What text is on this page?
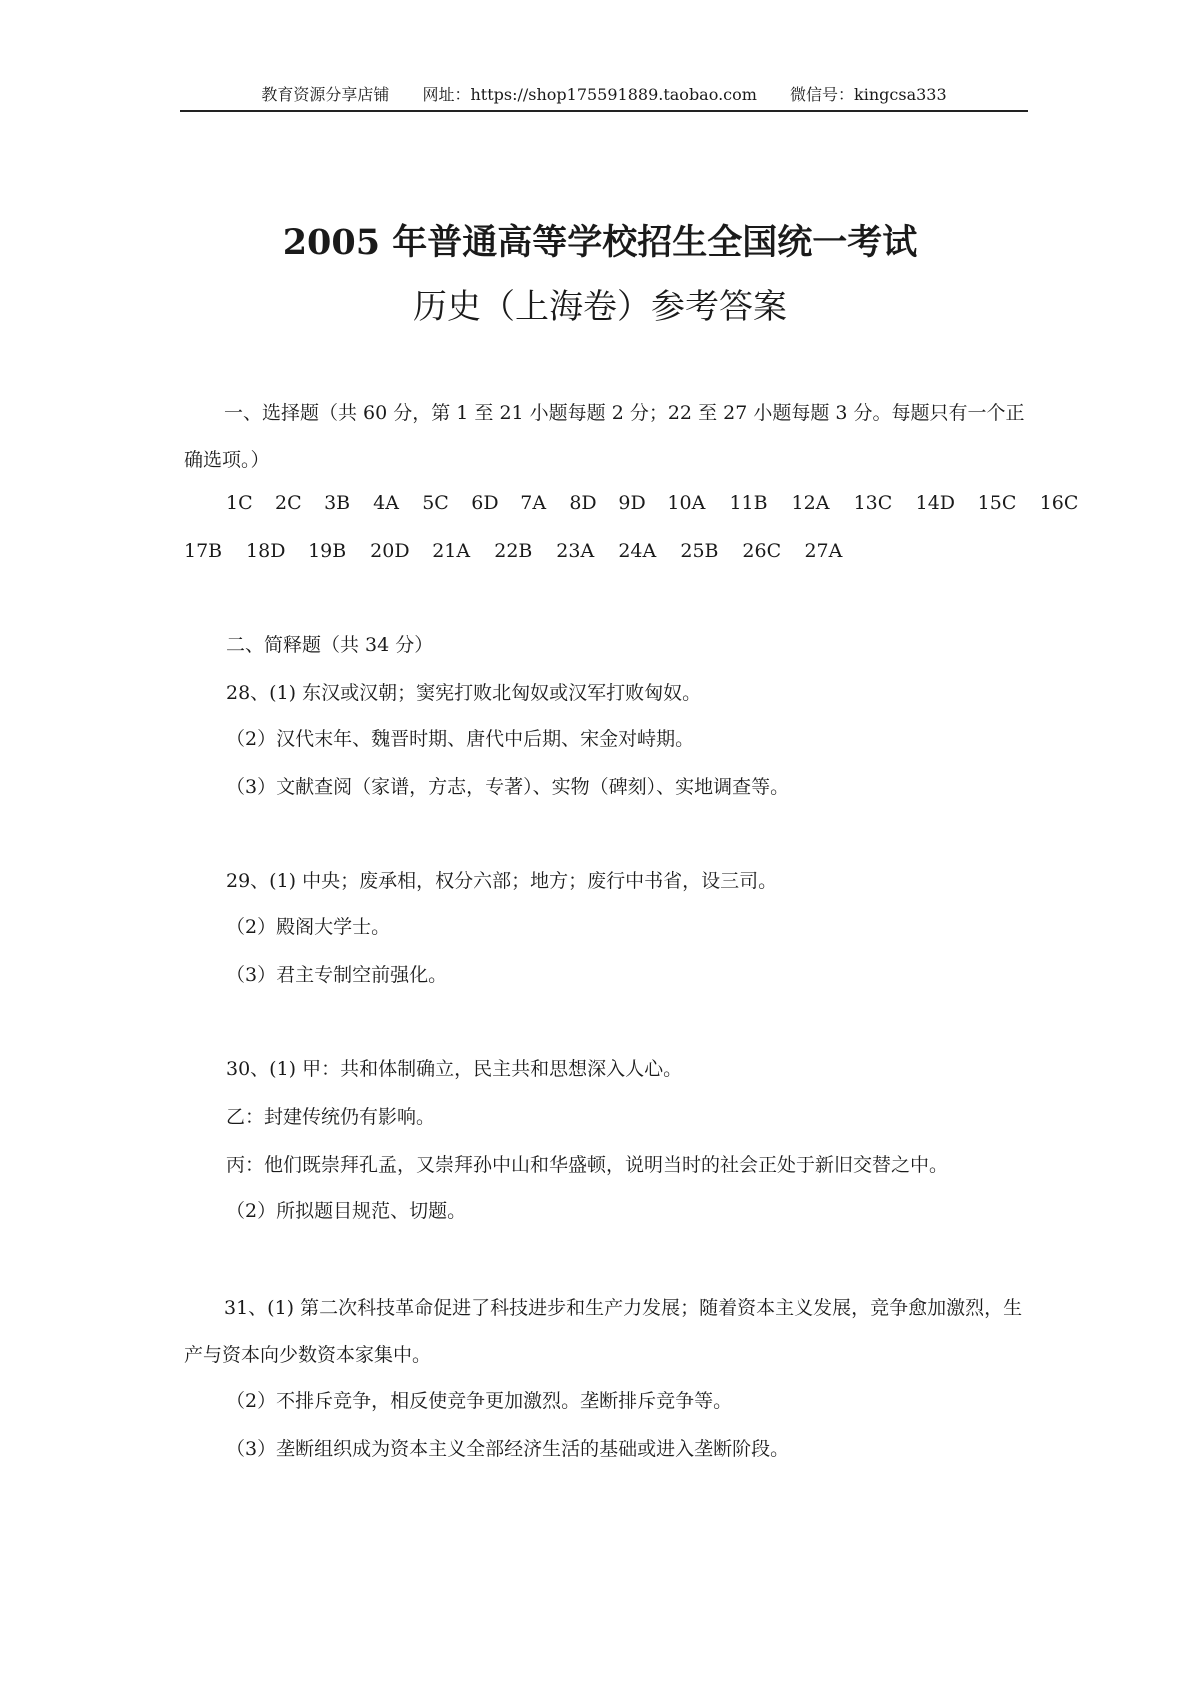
教育资源分享店铺 网址：https://shop175591889.taobao.com 微信号：kingcsa333
2005 年普通高等学校招生全国统一考试
历史（上海卷）参考答案
一、选择题（共 60 分，第 1 至 21 小题每题 2 分；22 至 27 小题每题 3 分。每题只有一个正确选项。）
1C 2C 3B 4A 5C 6D 7A 8D 9D 10A 11B 12A 13C 14D 15C 16C
17B 18D 19B 20D 21A 22B 23A 24A 25B 26C 27A
二、简释题（共 34 分）
28、(1) 东汉或汉朝；窦宪打败北匈奴或汉军打败匈奴。
（2）汉代末年、魏晋时期、唐代中后期、宋金对峙期。
（3）文献查阅（家谱，方志，专著）、实物（碑刻）、实地调查等。
29、(1) 中央；废承相，权分六部；地方；废行中书省，设三司。
（2）殿阁大学士。
（3）君主专制空前强化。
30、(1) 甲：共和体制确立，民主共和思想深入人心。
乙：封建传统仍有影响。
丙：他们既崇拜孔孟，又崇拜孙中山和华盛顿，说明当时的社会正处于新旧交替之中。
（2）所拟题目规范、切题。
31、(1) 第二次科技革命促进了科技进步和生产力发展；随着资本主义发展，竞争愈加激烈，生产与资本向少数资本家集中。
（2）不排斥竞争，相反使竞争更加激烈。垄断排斥竞争等。
（3）垄断组织成为资本主义全部经济生活的基础或进入垄断阶段。
